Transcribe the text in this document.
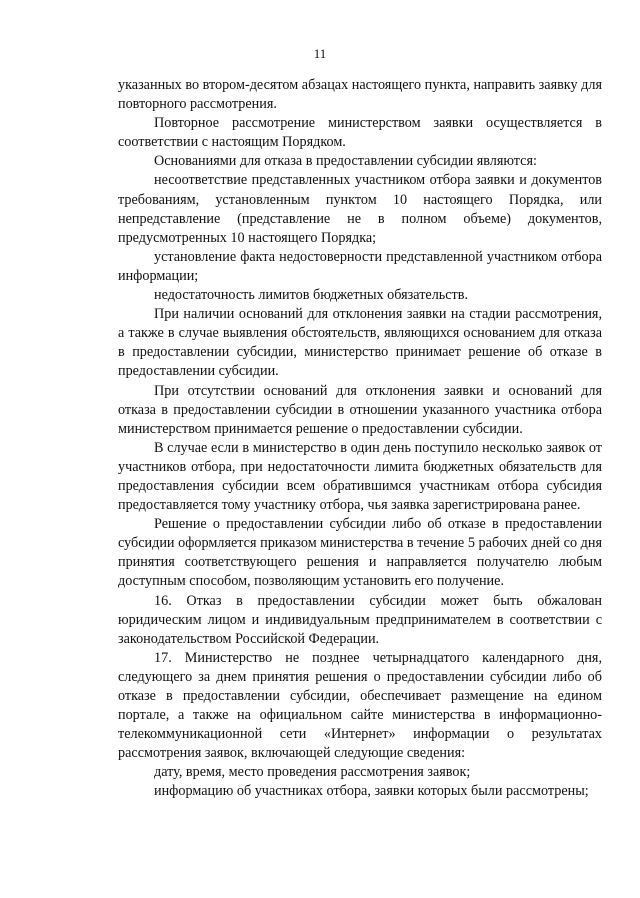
11

указанных во втором-десятом абзацах настоящего пункта, направить заявку для повторного рассмотрения.

Повторное рассмотрение министерством заявки осуществляется в соответствии с настоящим Порядком.

Основаниями для отказа в предоставлении субсидии являются:

несоответствие представленных участником отбора заявки и документов требованиям, установленным пунктом 10 настоящего Порядка, или непредставление (представление не в полном объеме) документов, предусмотренных 10 настоящего Порядка;

установление факта недостоверности представленной участником отбора информации;

недостаточность лимитов бюджетных обязательств.

При наличии оснований для отклонения заявки на стадии рассмотрения, а также в случае выявления обстоятельств, являющихся основанием для отказа в предоставлении субсидии, министерство принимает решение об отказе в предоставлении субсидии.

При отсутствии оснований для отклонения заявки и оснований для отказа в предоставлении субсидии в отношении указанного участника отбора министерством принимается решение о предоставлении субсидии.

В случае если в министерство в один день поступило несколько заявок от участников отбора, при недостаточности лимита бюджетных обязательств для предоставления субсидии всем обратившимся участникам отбора субсидия предоставляется тому участнику отбора, чья заявка зарегистрирована ранее.

Решение о предоставлении субсидии либо об отказе в предоставлении субсидии оформляется приказом министерства в течение 5 рабочих дней со дня принятия соответствующего решения и направляется получателю любым доступным способом, позволяющим установить его получение.

16. Отказ в предоставлении субсидии может быть обжалован юридическим лицом и индивидуальным предпринимателем в соответствии с законодательством Российской Федерации.

17. Министерство не позднее четырнадцатого календарного дня, следующего за днем принятия решения о предоставлении субсидии либо об отказе в предоставлении субсидии, обеспечивает размещение на едином портале, а также на официальном сайте министерства в информационно-телекоммуникационной сети «Интернет» информации о результатах рассмотрения заявок, включающей следующие сведения:

дату, время, место проведения рассмотрения заявок;

информацию об участниках отбора, заявки которых были рассмотрены;
